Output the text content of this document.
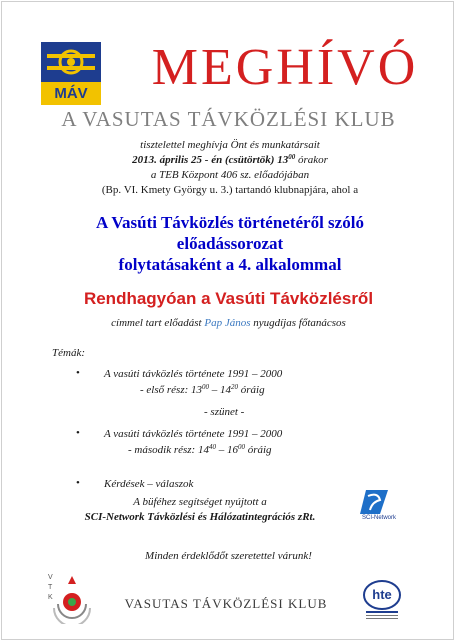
MÁV MEGHÍVÓ
A VASUTAS TÁVKÖZLÉSI KLUB
tisztelettel meghívja Önt és munkatársait
2013. április 25 - én (csütörtök) $13^{00}$ órakor
a TEB Központ 406 sz. előadójában
(Bp. VI. Kmety György u. 3.) tartandó klubnapjára, ahol a
A Vasúti Távközlés történetéről szóló
előadássorozat
folytatásaként a 4. alkalommal
Rendhagyóan a Vasúti Távközlésről
címmel tart előadást Pap János nyugdíjas főtanácsos
Témák:
• A vasúti távközlés története 1991 – 2000
- első rész: $13^{00} - 14^{20}$ óráig
- szünet -
• A vasúti távközlés története 1991 – 2000
- második rész: $14^{40} - 16^{00}$ óráig
• Kérdések – válaszok
A büféhez segítséget nyújtott a
SCI-Network Távközlési és Hálózatintegrációs zRt.	SCI-Network
Minden érdeklődőt szeretettel várunk!
V
T
K	VASUTAS TÁVKÖZLÉSI KLUB
hte
